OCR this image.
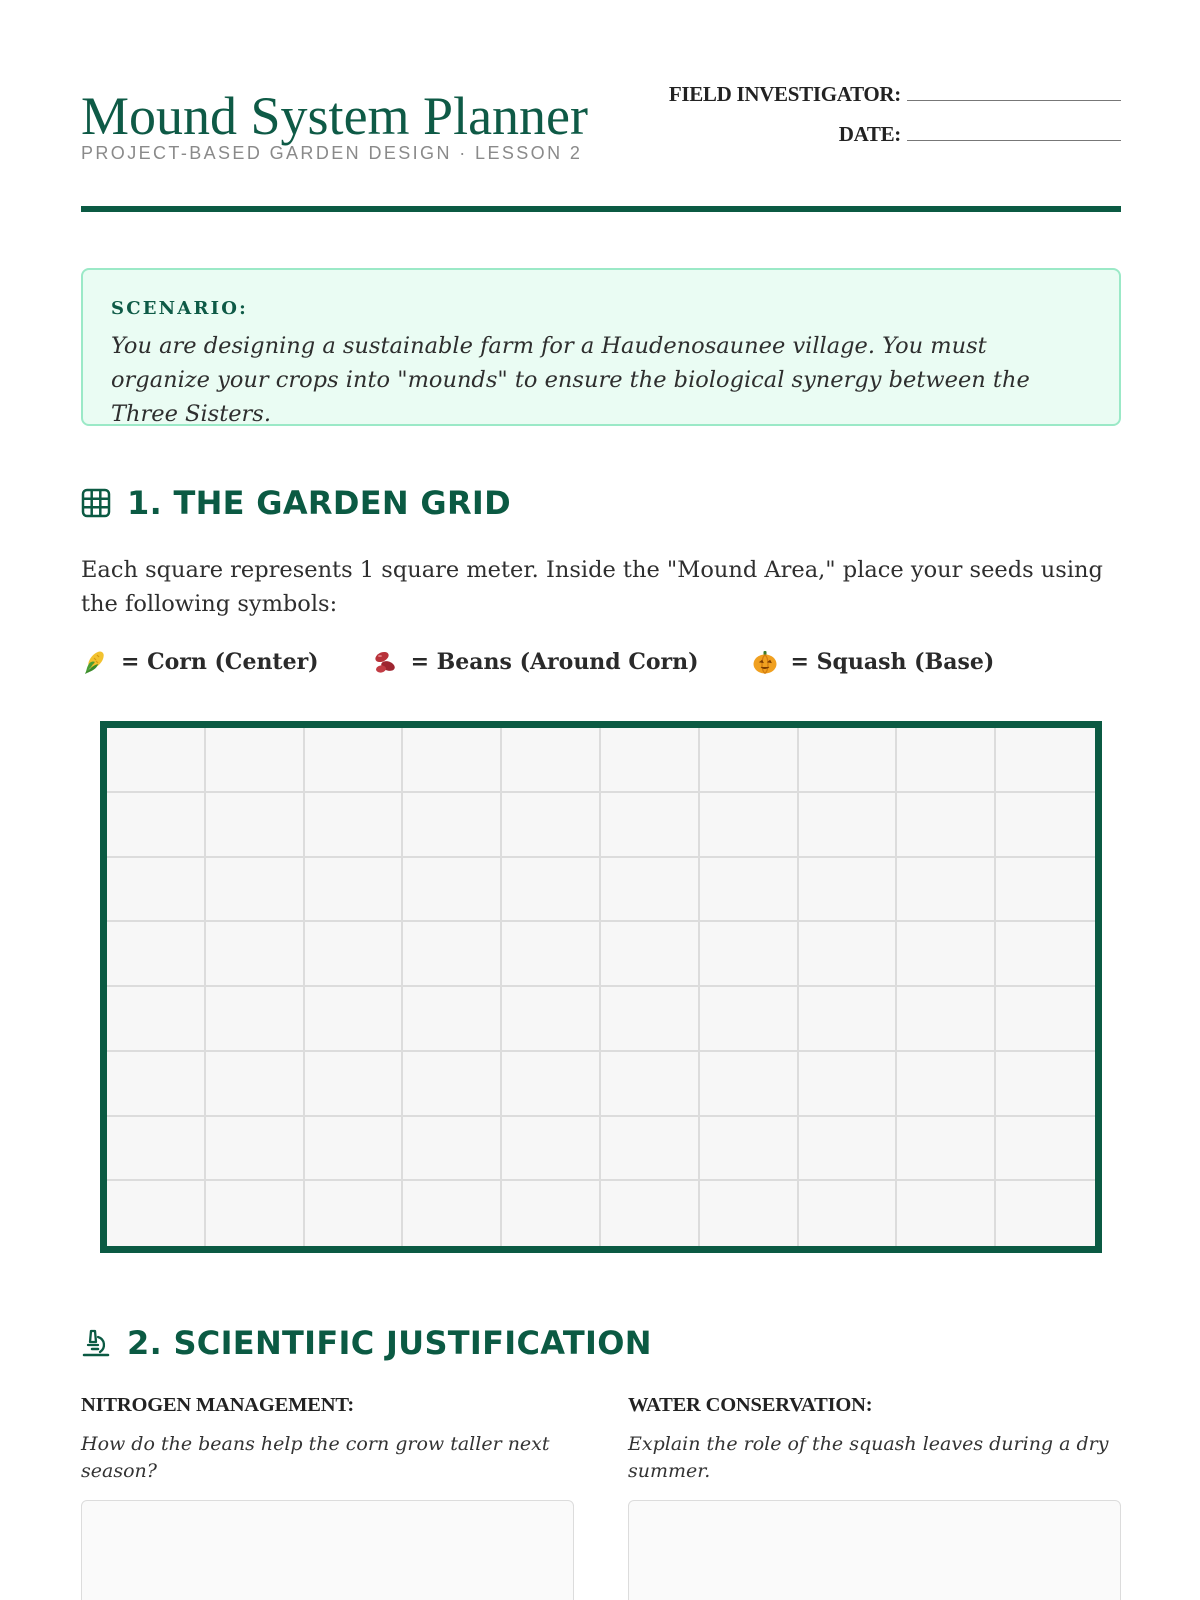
Mound System Planner
PROJECT-BASED GARDEN DESIGN · LESSON 2
FIELD INVESTIGATOR:
DATE:
SCENARIO:

You are designing a sustainable farm for a Haudenosaunee village. You must organize your crops into "mounds" to ensure the biological synergy between the Three Sisters.

1. THE GARDEN GRID

Each square represents 1 square meter. Inside the "Mound Area," place your seeds using the following symbols:

= Corn (Center)	= Beans (Around Corn)	= Squash (Base)
2. SCIENTIFIC JUSTIFICATION
NITROGEN MANAGEMENT:

How do the beans help the corn grow taller next season?

WATER CONSERVATION:

Explain the role of the squash leaves during a dry summer.
